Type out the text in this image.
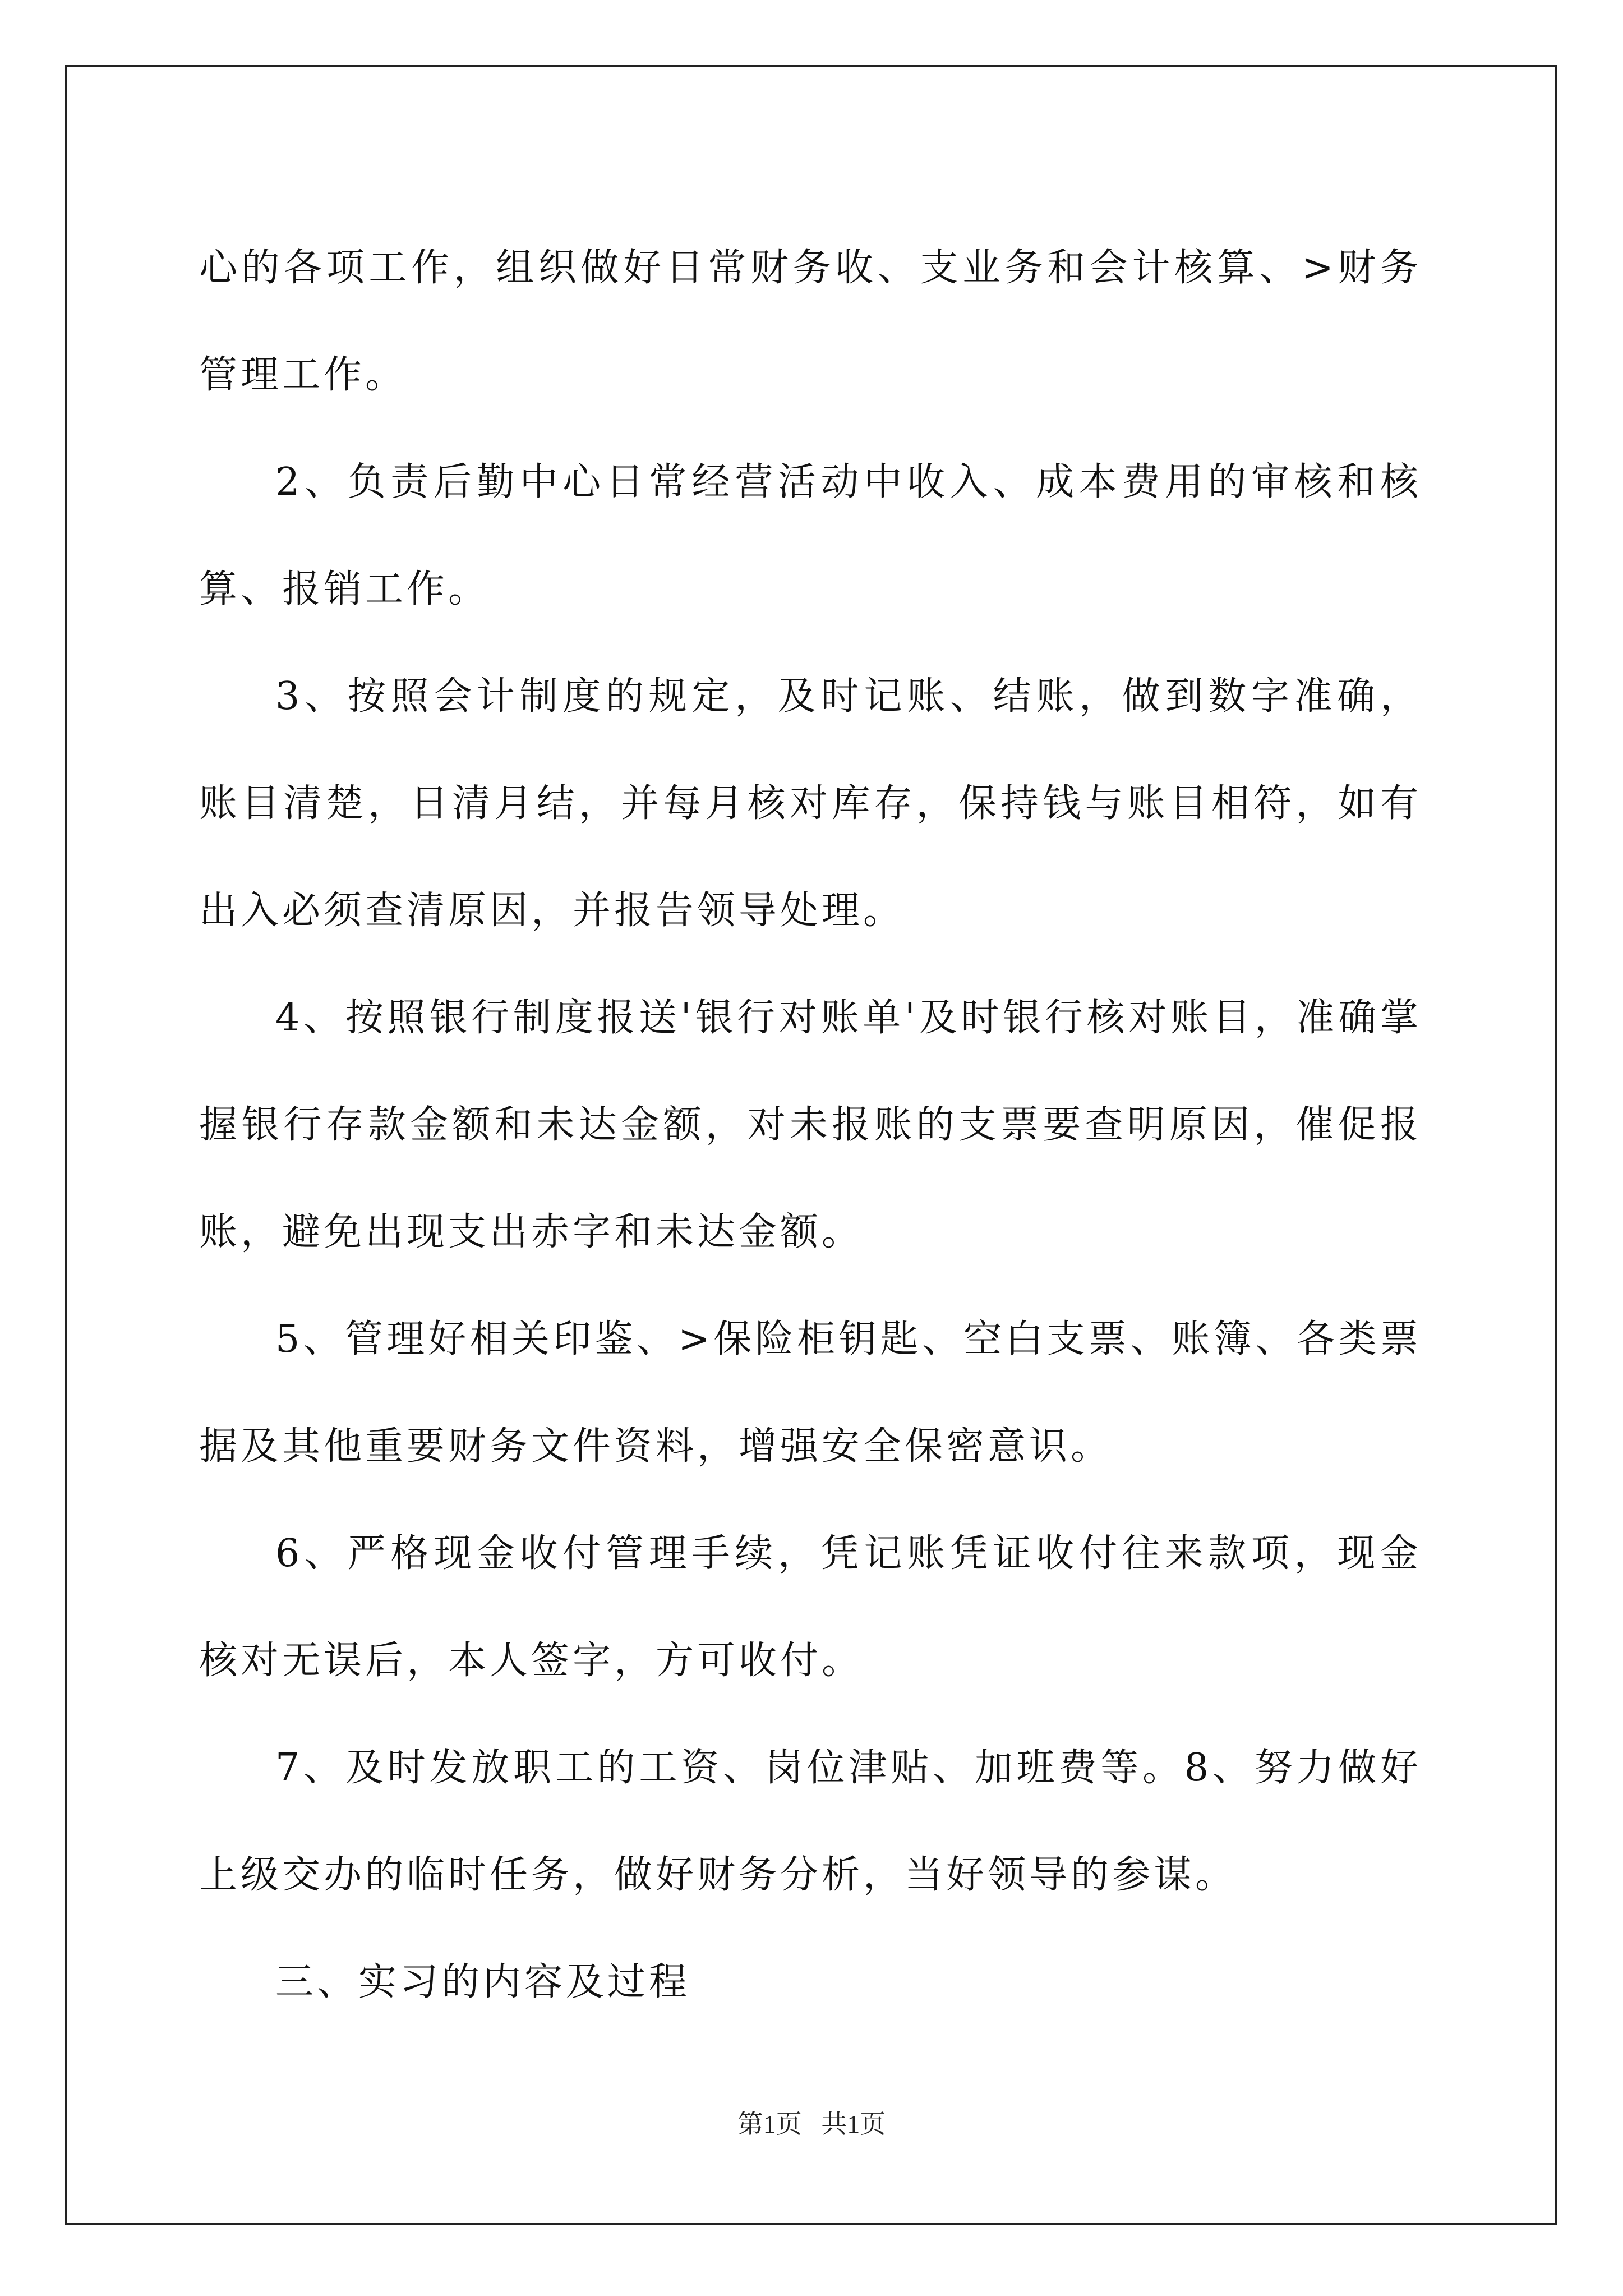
心的各项工作，组织做好日常财务收、支业务和会计核算、>财务管理工作。

2、负责后勤中心日常经营活动中收入、成本费用的审核和核算、报销工作。

3、按照会计制度的规定，及时记账、结账，做到数字准确，账目清楚，日清月结，并每月核对库存，保持钱与账目相符，如有出入必须查清原因，并报告领导处理。

4、按照银行制度报送'银行对账单'及时银行核对账目，准确掌握银行存款金额和未达金额，对未报账的支票要查明原因，催促报账，避免出现支出赤字和未达金额。

5、管理好相关印鉴、>保险柜钥匙、空白支票、账簿、各类票据及其他重要财务文件资料，增强安全保密意识。

6、严格现金收付管理手续，凭记账凭证收付往来款项，现金核对无误后，本人签字，方可收付。

7、及时发放职工的工资、岗位津贴、加班费等。8、努力做好上级交办的临时任务，做好财务分析，当好领导的参谋。

三、实习的内容及过程

第1页   共1页
